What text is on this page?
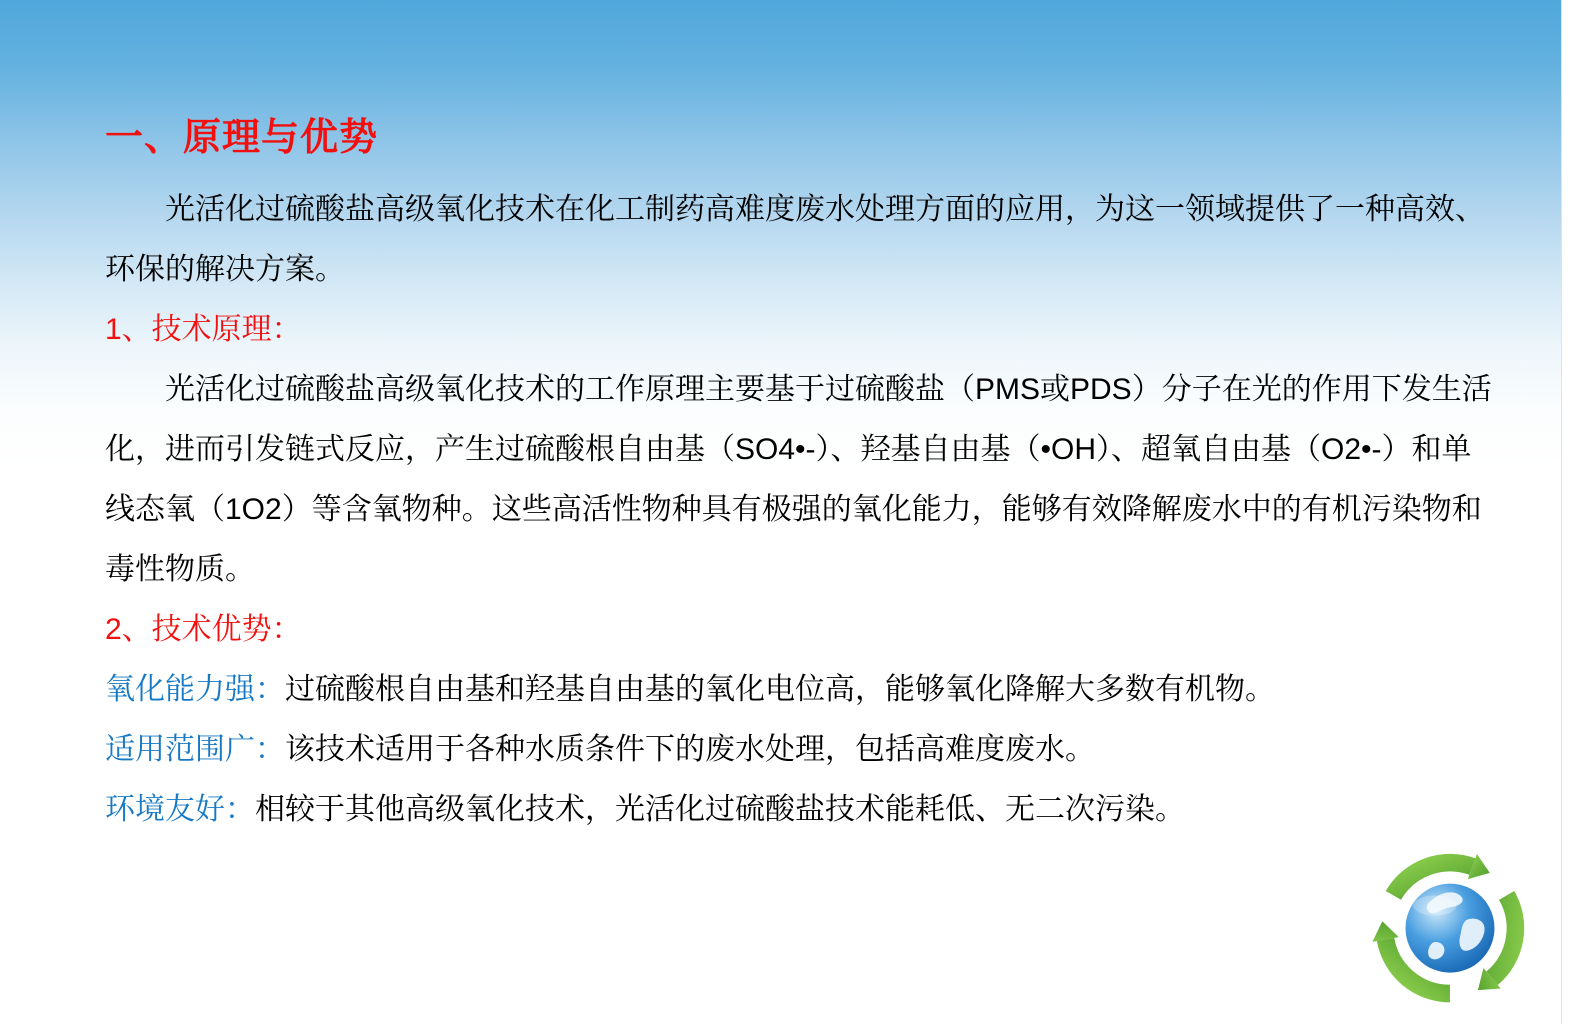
一、原理与优势

光活化过硫酸盐高级氧化技术在化工制药高难度废水处理方面的应用，为这一领域提供了一种高效、环保的解决方案。

1、技术原理：

光活化过硫酸盐高级氧化技术的工作原理主要基于过硫酸盐（PMS或PDS）分子在光的作用下发生活化，进而引发链式反应，产生过硫酸根自由基（SO4•-）、羟基自由基（•OH）、超氧自由基（O2•-）和单线态氧（1O2）等含氧物种。这些高活性物种具有极强的氧化能力，能够有效降解废水中的有机污染物和毒性物质。

2、技术优势：

氧化能力强：过硫酸根自由基和羟基自由基的氧化电位高，能够氧化降解大多数有机物。

适用范围广：该技术适用于各种水质条件下的废水处理，包括高难度废水。

环境友好：相较于其他高级氧化技术，光活化过硫酸盐技术能耗低、无二次污染。
